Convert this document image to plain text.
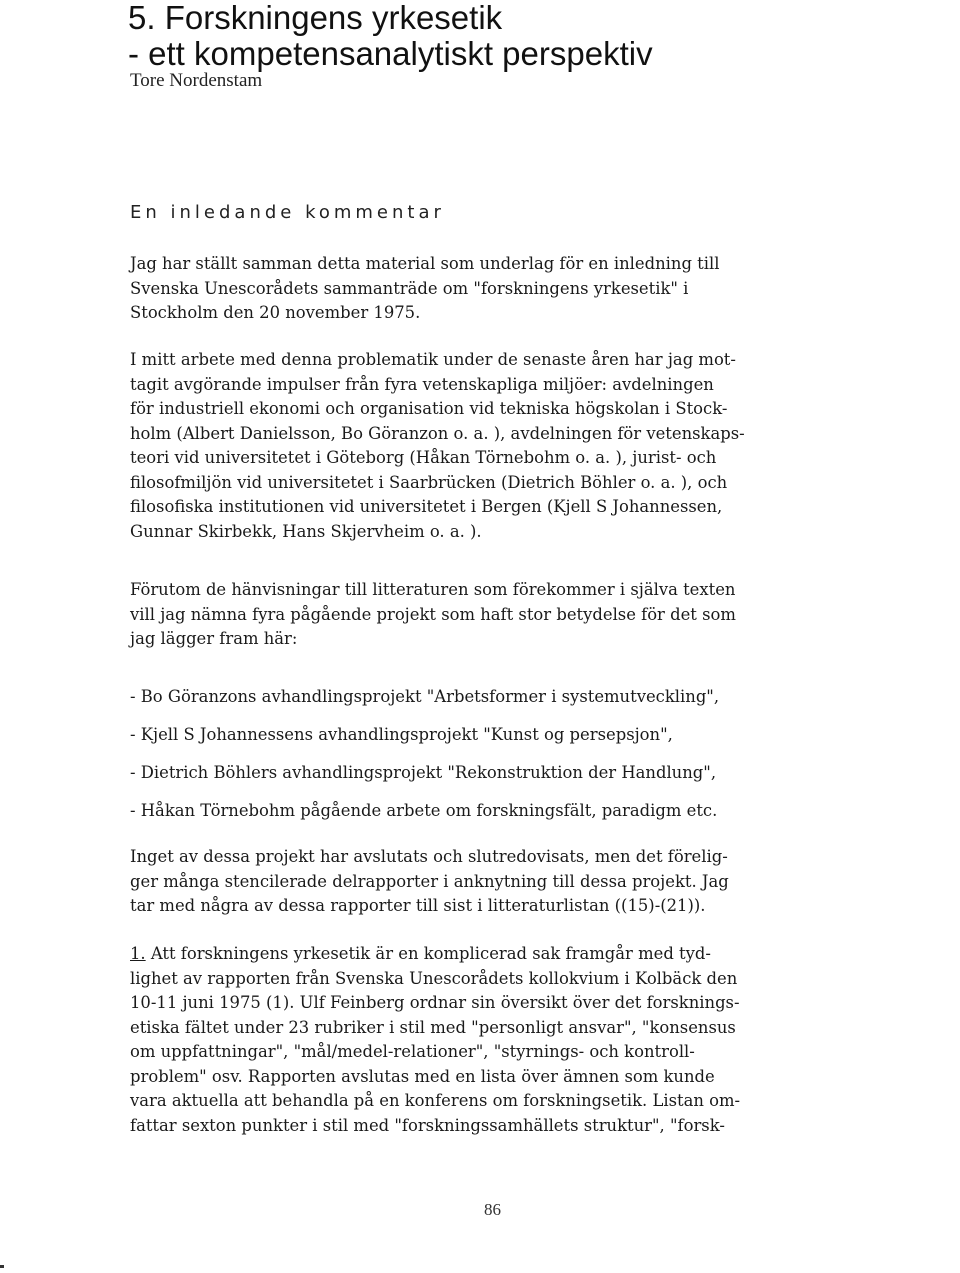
5. Forskningens yrkesetik
- ett kompetensanalytiskt perspektiv
Tore Nordenstam
En inledande kommentar
Jag har ställt samman detta material som underlag för en inledning till
Svenska Unescorådets sammanträde om "forskningens yrkesetik" i
Stockholm den 20 november 1975.
I mitt arbete med denna problematik under de senaste åren har jag mot-
tagit avgörande impulser från fyra vetenskapliga miljöer: avdelningen
för industriell ekonomi och organisation vid tekniska högskolan i Stock-
holm (Albert Danielsson, Bo Göranzon o. a. ), avdelningen för vetenskaps-
teori vid universitetet i Göteborg (Håkan Törnebohm o. a. ), jurist- och
filosofmiljön vid universitetet i Saarbrücken (Dietrich Böhler o. a. ), och
filosofiska institutionen vid universitetet i Bergen (Kjell S Johannessen,
Gunnar Skirbekk, Hans Skjervheim o. a. ).
Förutom de hänvisningar till litteraturen som förekommer i själva texten
vill jag nämna fyra pågående projekt som haft stor betydelse för det som
jag lägger fram här:
- Bo Göranzons avhandlingsprojekt "Arbetsformer i systemutveckling",
- Kjell S Johannessens avhandlingsprojekt "Kunst og persepsjon",
- Dietrich Böhlers avhandlingsprojekt "Rekonstruktion der Handlung",
- Håkan Törnebohm pågående arbete om forskningsfält, paradigm etc.
Inget av dessa projekt har avslutats och slutredovisats, men det förelig-
ger många stencilerade delrapporter i anknytning till dessa projekt. Jag
tar med några av dessa rapporter till sist i litteraturlistan ((15)-(21)).
1. Att forskningens yrkesetik är en komplicerad sak framgår med tyd-
lighet av rapporten från Svenska Unescorådets kollokvium i Kolbäck den
10-11 juni 1975 (1). Ulf Feinberg ordnar sin översikt över det forsknings-
etiska fältet under 23 rubriker i stil med "personligt ansvar", "konsensus
om uppfattningar", "mål/medel-relationer", "styrnings- och kontroll-
problem" osv. Rapporten avslutas med en lista över ämnen som kunde
vara aktuella att behandla på en konferens om forskningsetik. Listan om-
fattar sexton punkter i stil med "forskningssamhällets struktur", "forsk-
86
